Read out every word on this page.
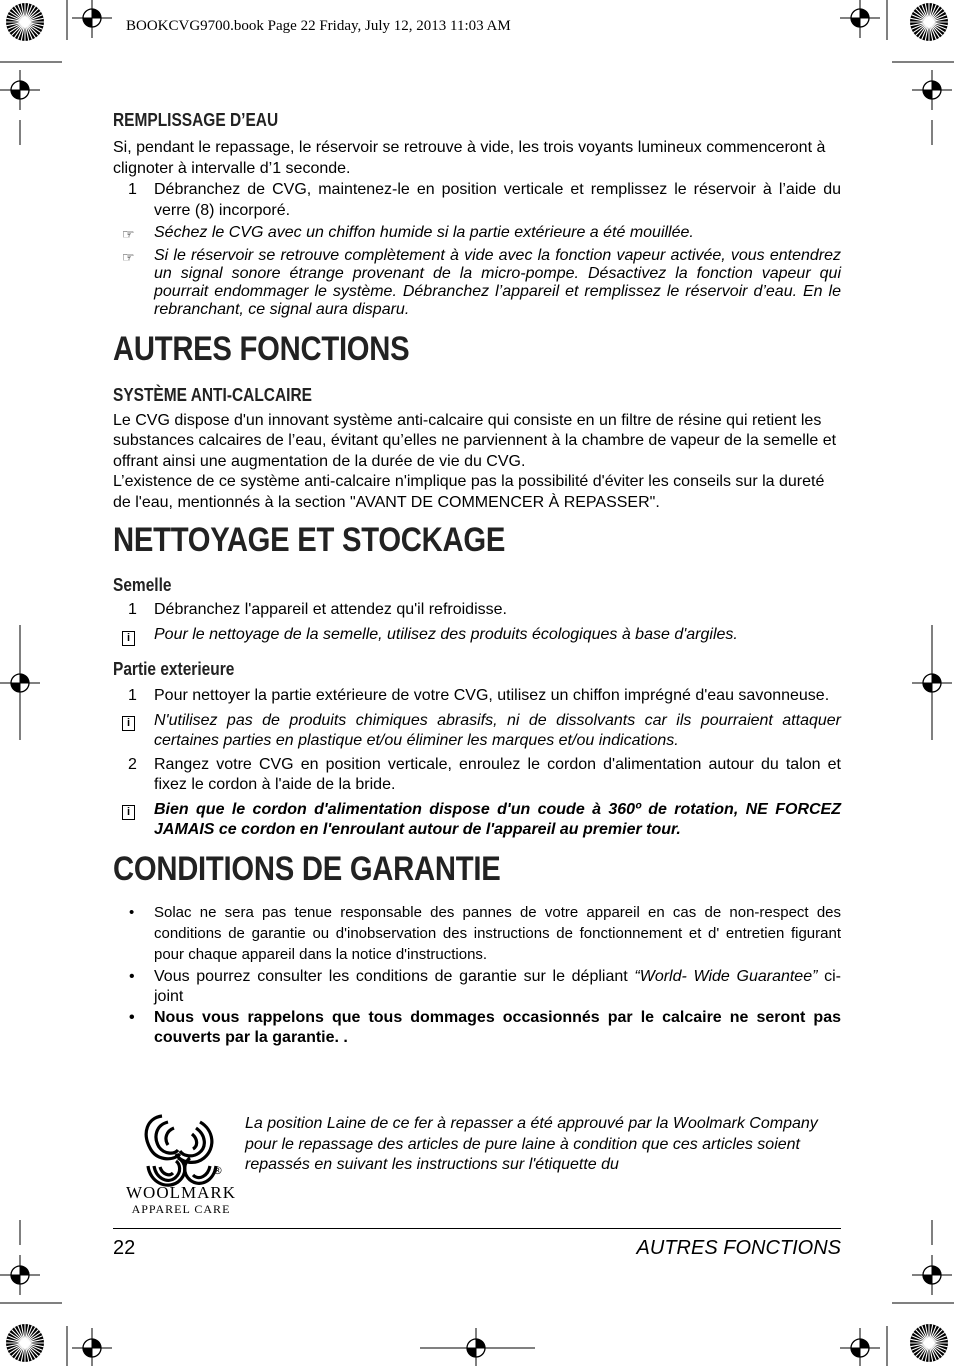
BOOKCVG9700.book Page 22 Friday, July 12, 2013 11:03 AM
REMPLISSAGE D’EAU
Si, pendant le repassage, le réservoir se retrouve à vide, les trois voyants lumineux commenceront à clignoter à intervalle d’1 seconde.
1	Débranchez de CVG, maintenez-le en position verticale et remplissez le réservoir à l’aide du verre (8) incorporé.
☞	Séchez le CVG avec un chiffon humide si la partie extérieure a été mouillée.
☞	Si le réservoir se retrouve complètement à vide avec la fonction vapeur activée, vous entendrez un signal sonore étrange provenant de la micro-pompe. Désactivez la fonction vapeur qui pourrait endommager le système. Débranchez l’appareil et remplissez le réservoir d’eau. En le rebranchant, ce signal aura disparu.
AUTRES FONCTIONS
SYSTÈME ANTI-CALCAIRE
Le CVG dispose d'un innovant système anti-calcaire qui consiste en un filtre de résine qui retient les substances calcaires de l’eau, évitant qu’elles ne parviennent à la chambre de vapeur de la semelle et offrant ainsi une augmentation de la durée de vie du CVG.
L’existence de ce système anti-calcaire n'implique pas la possibilité d'éviter les conseils sur la dureté de l'eau, mentionnés à la section "AVANT DE COMMENCER À REPASSER".
NETTOYAGE ET STOCKAGE
Semelle
1	Débranchez l'appareil et attendez qu'il refroidisse.
i	Pour le nettoyage de la semelle, utilisez des produits écologiques à base d'argiles.
Partie exterieure
1	Pour nettoyer la partie extérieure de votre CVG, utilisez un chiffon imprégné d'eau savonneuse.
i	N'utilisez pas de produits chimiques abrasifs, ni de dissolvants car ils pourraient attaquer certaines parties en plastique et/ou éliminer les marques et/ou indications.
2	Rangez votre CVG en position verticale, enroulez le cordon d'alimentation autour du talon et fixez le cordon à l'aide de la bride.
i	Bien que le cordon d'alimentation dispose d'un coude à 360º de rotation, NE FORCEZ JAMAIS ce cordon en l'enroulant autour de l'appareil au premier tour.
CONDITIONS DE GARANTIE
•	Solac ne sera pas tenue responsable des pannes de votre appareil en cas de non-respect des conditions de garantie ou d'inobservation des instructions de fonctionnement et d' entretien figurant pour chaque appareil dans la notice d'instructions.
•	Vous pourrez consulter les conditions de garantie sur le dépliant “World- Wide Guarantee” ci-joint
•	Nous vous rappelons que tous dommages occasionnés par le calcaire ne seront pas couverts par la garantie. .
®
WOOLMARK
APPAREL CARE
La position Laine de ce fer à repasser a été approuvé par la Woolmark Company pour le repassage des articles de pure laine à condition que ces articles soient repassés en suivant les instructions sur l'étiquette du
22	AUTRES FONCTIONS
